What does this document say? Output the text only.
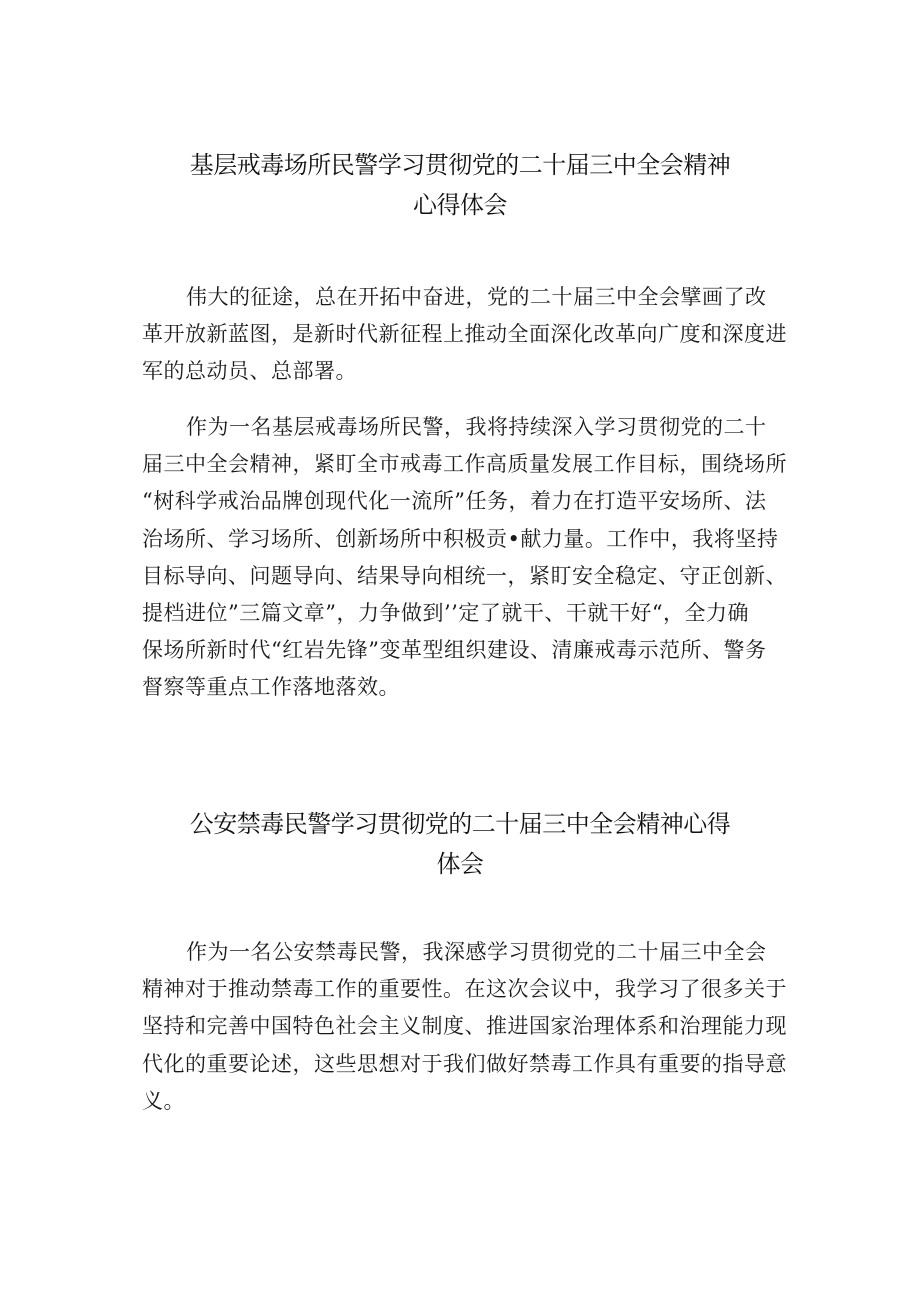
基层戒毒场所民警学习贯彻党的二十届三中全会精神
心得体会
伟大的征途，总在开拓中奋进，党的二十届三中全会擘画了改
革开放新蓝图，是新时代新征程上推动全面深化改革向广度和深度进
军的总动员、总部署。
作为一名基层戒毒场所民警，我将持续深入学习贯彻党的二十
届三中全会精神，紧盯全市戒毒工作高质量发展工作目标，围绕场所
“树科学戒治品牌创现代化一流所”任务，着力在打造平安场所、法
治场所、学习场所、创新场所中积极贡•献力量。工作中，我将坚持
目标导向、问题导向、结果导向相统一，紧盯安全稳定、守正创新、
提档进位”三篇文章”，力争做到’’定了就干、干就干好“，全力确
保场所新时代“红岩先锋”变革型组织建设、清廉戒毒示范所、警务
督察等重点工作落地落效。
公安禁毒民警学习贯彻党的二十届三中全会精神心得
体会
作为一名公安禁毒民警，我深感学习贯彻党的二十届三中全会
精神对于推动禁毒工作的重要性。在这次会议中，我学习了很多关于
坚持和完善中国特色社会主义制度、推进国家治理体系和治理能力现
代化的重要论述，这些思想对于我们做好禁毒工作具有重要的指导意
义。
